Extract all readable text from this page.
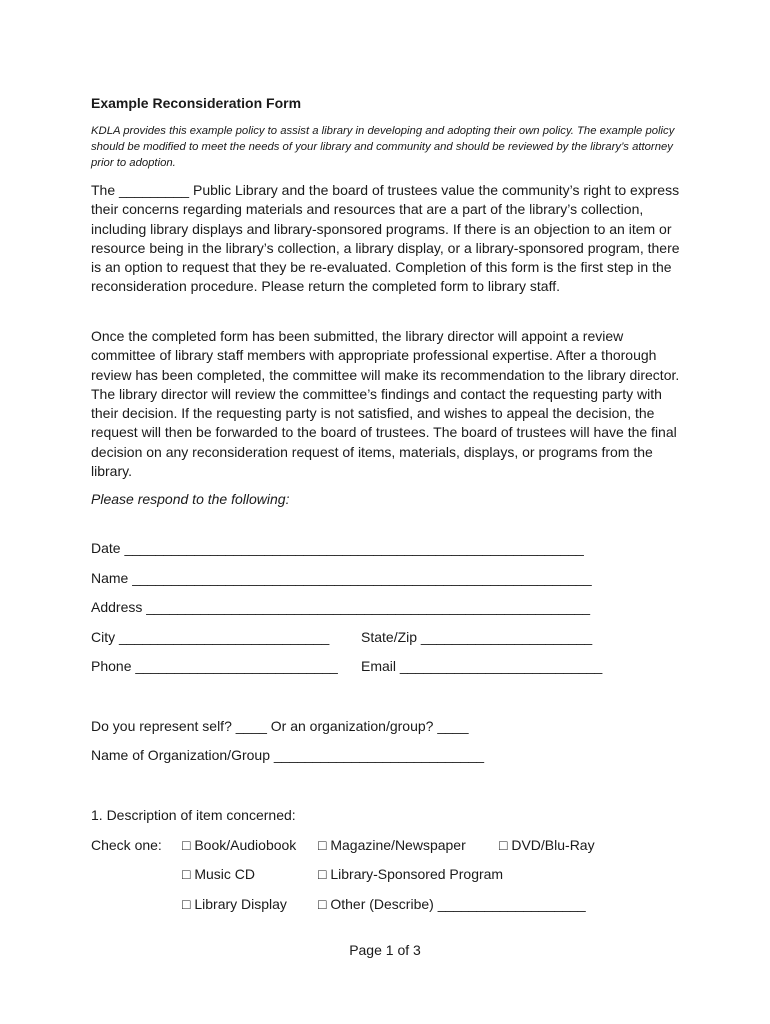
Example Reconsideration Form
KDLA provides this example policy to assist a library in developing and adopting their own policy. The example policy should be modified to meet the needs of your library and community and should be reviewed by the library’s attorney prior to adoption.
The _________ Public Library and the board of trustees value the community’s right to express their concerns regarding materials and resources that are a part of the library’s collection, including library displays and library-sponsored programs. If there is an objection to an item or resource being in the library’s collection, a library display, or a library-sponsored program, there is an option to request that they be re-evaluated. Completion of this form is the first step in the reconsideration procedure. Please return the completed form to library staff.
Once the completed form has been submitted, the library director will appoint a review committee of library staff members with appropriate professional expertise. After a thorough review has been completed, the committee will make its recommendation to the library director. The library director will review the committee’s findings and contact the requesting party with their decision. If the requesting party is not satisfied, and wishes to appeal the decision, the request will then be forwarded to the board of trustees. The board of trustees will have the final decision on any reconsideration request of items, materials, displays, or programs from the library.
Please respond to the following:
Date ___________________________________________________________
Name ___________________________________________________________
Address _________________________________________________________
City ___________________________ State/Zip ______________________
Phone __________________________ Email __________________________
Do you represent self? ____ Or an organization/group? ____
Name of Organization/Group ___________________________
1. Description of item concerned:
Check one: □ Book/Audiobook □ Magazine/Newspaper □ DVD/Blu-Ray
□ Music CD	□ Library-Sponsored Program
□ Library Display □ Other (Describe) ___________________
Page 1 of 3
